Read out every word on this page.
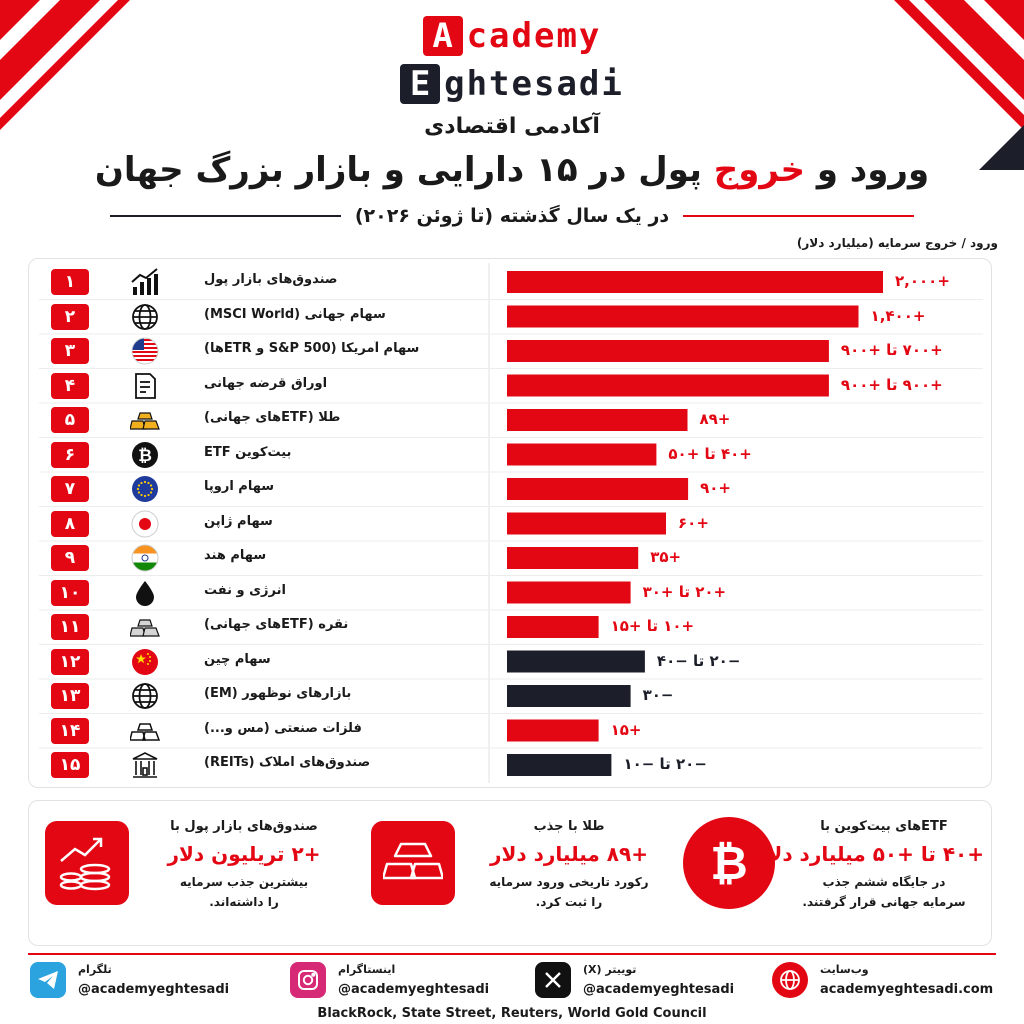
A cademy
E ghtesadi
آکادمی اقتصادی
ورود و خروج پول در ۱۵ دارایی و بازار بزرگ جهان
در یک سال گذشته (تا ژوئن ۲۰۲۶)
ورود / خروج سرمایه (میلیارد دلار)
۱	صندوق‌های بازار پول	+۲,۰۰۰
۲	سهام جهانی (MSCI World)	+۱,۴۰۰
۳	سهام آمریکا (S&P 500 و ETRها)	+۷۰۰ تا +۹۰۰
۴	اوراق قرضه جهانی	+۹۰۰ تا +۹۰۰
۵	طلا (ETFهای جهانی)	+۸۹
۶	₿	بیت‌کوین ETF	+۴۰ تا +۵۰
۷	سهام اروپا	+۹۰
۸	سهام ژاپن	+۶۰
۹	سهام هند	+۳۵
۱۰	انرژی و نفت	+۲۰ تا +۳۰
۱۱	نقره (ETFهای جهانی)	+۱۰ تا +۱۵
۱۲	سهام چین	−۲۰ تا −۴۰
۱۳	بازارهای نوظهور (EM)	−۳۰
۱۴	فلزات صنعتی (مس و...)	+۱۵
۱۵	صندوق‌های املاک (REITs)	−۲۰ تا −۱۰
₿
ETFهای بیت‌کوین با
+۴۰ تا +۵۰ میلیارد دلار
در جایگاه ششم جذب
سرمایه جهانی قرار گرفتند.
طلا با جذب
+۸۹ میلیارد دلار
رکورد تاریخی ورود سرمایه
را ثبت کرد.
صندوق‌های بازار پول با
+۲ تریلیون دلار
بیشترین جذب سرمایه
را داشته‌اند.
تلگرام
@academyeghtesadi
اینستاگرام
@academyeghtesadi
توییتر (X)
@academyeghtesadi
وب‌سایت
academyeghtesadi.com
BlackRock, State Street, Reuters, World Gold Council
